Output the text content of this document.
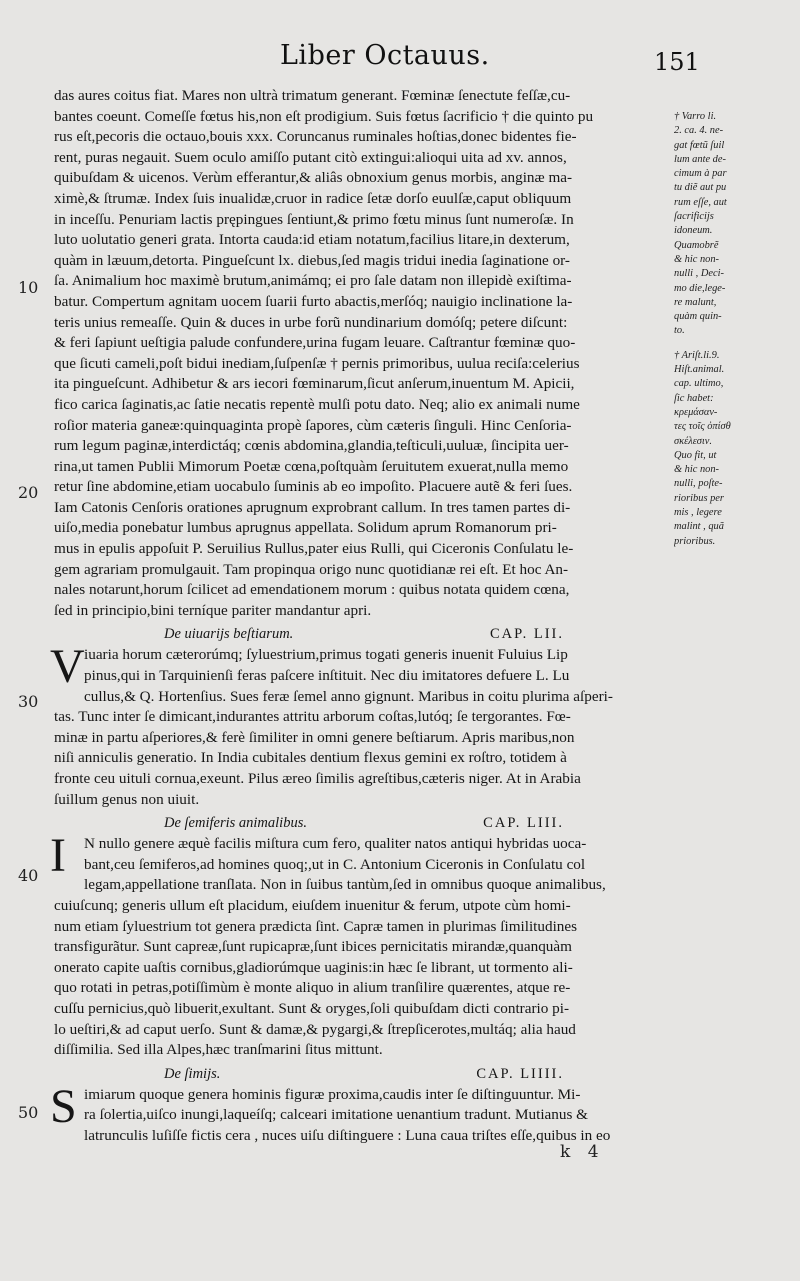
Liber Octauus.	151
10
20
30
40
50
das aures coitus fiat. Mares non ultrà trimatum generant. Fœminæ ſenectute feſſæ,cu-
bantes coeunt. Comeſſe fœtus his,non eſt prodigium. Suis fœtus ſacrificio † die quinto pu
rus eſt,pecoris die octauo,bouis xxx. Coruncanus ruminales hoſtias,donec bidentes fie-
rent, puras negauit. Suem oculo amiſſo putant citò extingui:alioqui uita ad xv. annos,
quibuſdam & uicenos. Verùm efferantur,& aliâs obnoxium genus morbis, anginæ ma-
ximè,& ſtrumæ. Index ſuis inualidæ,cruor in radice ſetæ dorſo euulſæ,caput obliquum
in inceſſu. Penuriam lactis prępingues ſentiunt,& primo fœtu minus ſunt numeroſæ. In
luto uolutatio generi grata. Intorta cauda:id etiam notatum,facilius litare,in dexterum,
quàm in læuum,detorta. Pingueſcunt lx. diebus,ſed magis tridui inedia ſaginatione or-
ſa. Animalium hoc maximè brutum,animámq; ei pro ſale datam non illepidè exiſtima-
batur. Compertum agnitam uocem ſuarii furto abactis,merſóq; nauigio inclinatione la-
teris unius remeaſſe. Quin & duces in urbe forũ nundinarium domóſq; petere diſcunt:
& feri ſapiunt ueſtigia palude confundere,urina fugam leuare. Caſtrantur fœminæ quo-
que ſicuti cameli,poſt bidui inediam,ſuſpenſæ † pernis primoribus, uulua reciſa:celerius
ita pingueſcunt. Adhibetur & ars iecori fœminarum,ſicut anſerum,inuentum M. Apicii,
fico carica ſaginatis,ac ſatie necatis repentè mulſi potu dato. Neq; alio ex animali nume
roſior materia ganeæ:quinquaginta propè ſapores, cùm cæteris ſinguli. Hinc Cenſoria-
rum legum paginæ,interdictáq; cœnis abdomina,glandia,teſticuli,uuluæ, ſincipita uer-
rina,ut tamen Publii Mimorum Poetæ cœna,poſtquàm ſeruitutem exuerat,nulla memo
retur ſine abdomine,etiam uocabulo ſuminis ab eo impoſito. Placuere autẽ & feri ſues.
Iam Catonis Cenſoris orationes aprugnum exprobrant callum. In tres tamen partes di-
uiſo,media ponebatur lumbus aprugnus appellata. Solidum aprum Romanorum pri-
mus in epulis appoſuit P. Seruilius Rullus,pater eius Rulli, qui Ciceronis Conſulatu le-
gem agrariam promulgauit. Tam propinqua origo nunc quotidianæ rei eſt. Et hoc An-
nales notarunt,horum ſcilicet ad emendationem morum : quibus notata quidem cœna,
ſed in principio,bini terníque pariter mandantur apri.
De uiuarijs beſtiarum.	CAP. LII.
V iuaria horum cæterorúmq; ſyluestrium,primus togati generis inuenit Fuluius Lip
pinus,qui in Tarquinienſi feras paſcere inſtituit. Nec diu imitatores defuere L. Lu
cullus,& Q. Hortenſius. Sues feræ ſemel anno gignunt. Maribus in coitu plurima aſperi-
tas. Tunc inter ſe dimicant,indurantes attritu arborum coſtas,lutóq; ſe tergorantes. Fœ-
minæ in partu aſperiores,& ferè ſimiliter in omni genere beſtiarum. Apris maribus,non
niſi anniculis generatio. In India cubitales dentium flexus gemini ex roſtro, totidem à
fronte ceu uituli cornua,exeunt. Pilus æreo ſimilis agreſtibus,cæteris niger. At in Arabia
ſuillum genus non uiuit.
De ſemiferis animalibus.	CAP. LIII.
I	N nullo genere æquè facilis miſtura cum fero, qualiter natos antiqui hybridas uoca-
bant,ceu ſemiferos,ad homines quoq;,ut in C. Antonium Ciceronis in Conſulatu col
legam,appellatione tranſlata. Non in ſuibus tantùm,ſed in omnibus quoque animalibus,
cuiuſcunq; generis ullum eſt placidum, eiuſdem inuenitur & ferum, utpote cùm homi-
num etiam ſyluestrium tot genera prædicta ſint. Capræ tamen in plurimas ſimilitudines
transfigurãtur. Sunt capreæ,ſunt rupicapræ,ſunt ibices pernicitatis mirandæ,quanquàm
onerato capite uaſtis cornibus,gladiorúmque uaginis:in hæc ſe librant, ut tormento ali-
quo rotati in petras,potiſſimùm è monte aliquo in alium tranſilire quærentes, atque re-
cuſſu pernicius,quò libuerit,exultant. Sunt & oryges,ſoli quibuſdam dicti contrario pi-
lo ueſtiri,& ad caput uerſo. Sunt & damæ,& pygargi,& ſtrepſicerotes,multáq; alia haud
diſſimilia. Sed illa Alpes,hæc tranſmarini ſitus mittunt.
De ſimijs.	CAP. LIIII.
S imiarum quoque genera hominis figuræ proxima,caudis inter ſe diſtinguuntur. Mi-
ra ſolertia,uiſco inungi,laqueíſq; calceari imitatione uenantium tradunt. Mutianus &
latrunculis luſiſſe fictis cera , nuces uiſu diſtinguere : Luna caua triſtes eſſe,quibus in eo
† Varro li.
2. ca. 4. ne-
gat fœtũ ſuil
lum ante de-
cimum à par
tu diẽ aut pu
rum eſſe, aut
ſacrificijs
idoneum.
Quamobrẽ
& hic non-
nulli , Deci-
mo die,lege-
re malunt,
quàm quin-
to.
† Ariſt.li.9.
Hiſt.animal.
cap. ultimo,
ſic habet:
κρεμάσαν-
τες τοῖς ὀπίσθ
σκέλεσιν.
Quo fit, ut
& hic non-
nulli, poſte-
rioribus per
mis , legere
malint , quã
prioribus.
k 4
